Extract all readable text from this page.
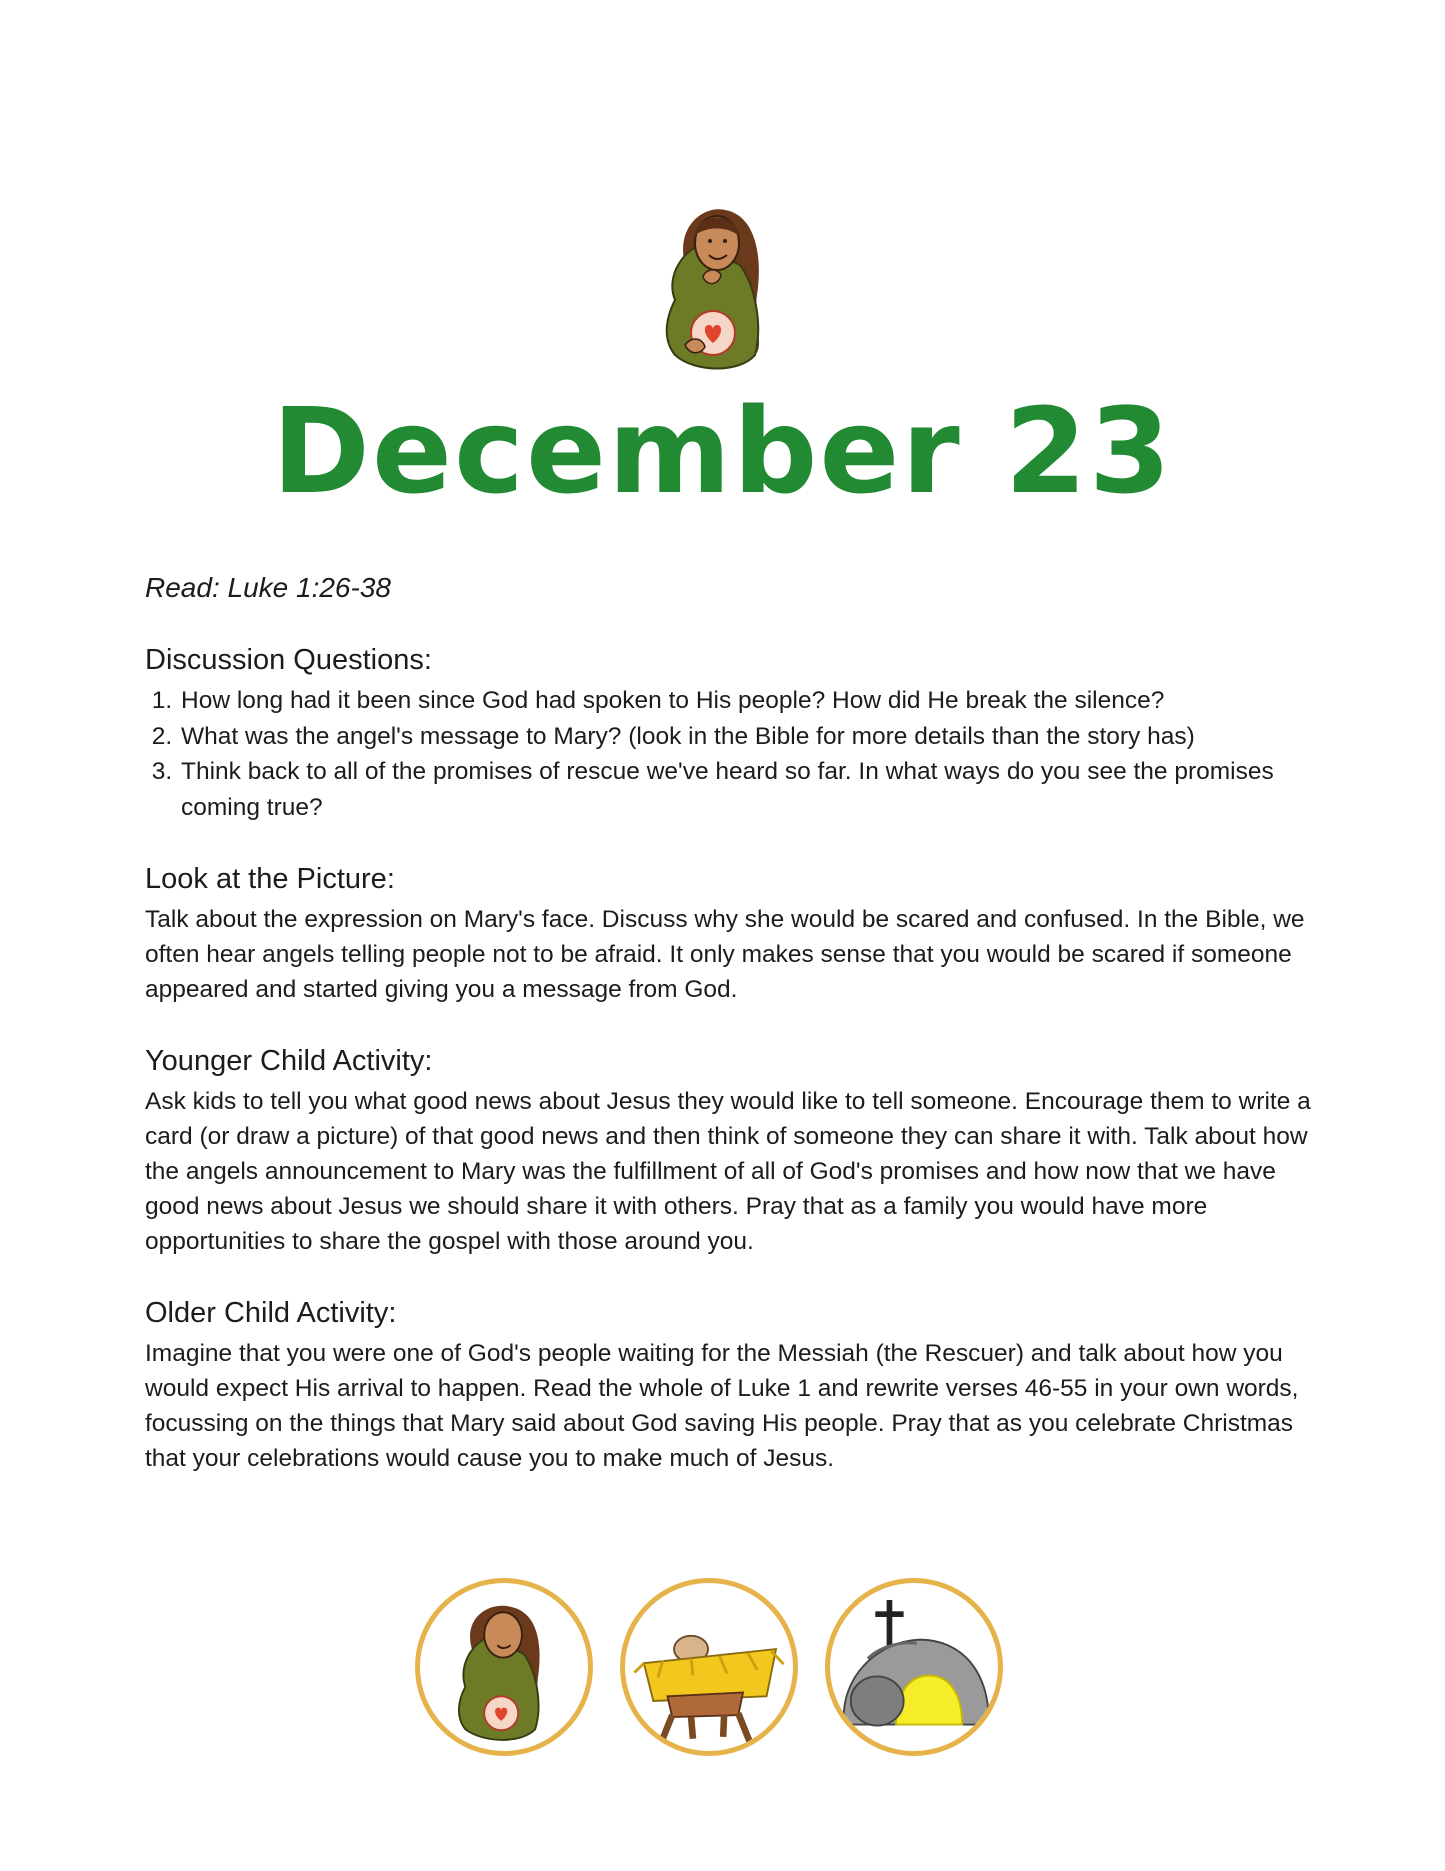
December 23

Read: Luke 1:26-38

Discussion Questions:
1. How long had it been since God had spoken to His people? How did He break the silence?
2. What was the angel's message to Mary? (look in the Bible for more details than the story has)
3. Think back to all of the promises of rescue we've heard so far. In what ways do you see the promises coming true?
Look at the Picture:

Talk about the expression on Mary's face. Discuss why she would be scared and confused. In the Bible, we often hear angels telling people not to be afraid. It only makes sense that you would be scared if someone appeared and started giving you a message from God.

Younger Child Activity:

Ask kids to tell you what good news about Jesus they would like to tell someone. Encourage them to write a card (or draw a picture) of that good news and then think of someone they can share it with. Talk about how the angels announcement to Mary was the fulfillment of all of God's promises and how now that we have good news about Jesus we should share it with others. Pray that as a family you would have more opportunities to share the gospel with those around you.

Older Child Activity:

Imagine that you were one of God's people waiting for the Messiah (the Rescuer) and talk about how you would expect His arrival to happen. Read the whole of Luke 1 and rewrite verses 46-55 in your own words, focussing on the things that Mary said about God saving His people. Pray that as you celebrate Christmas that your celebrations would cause you to make much of Jesus.
